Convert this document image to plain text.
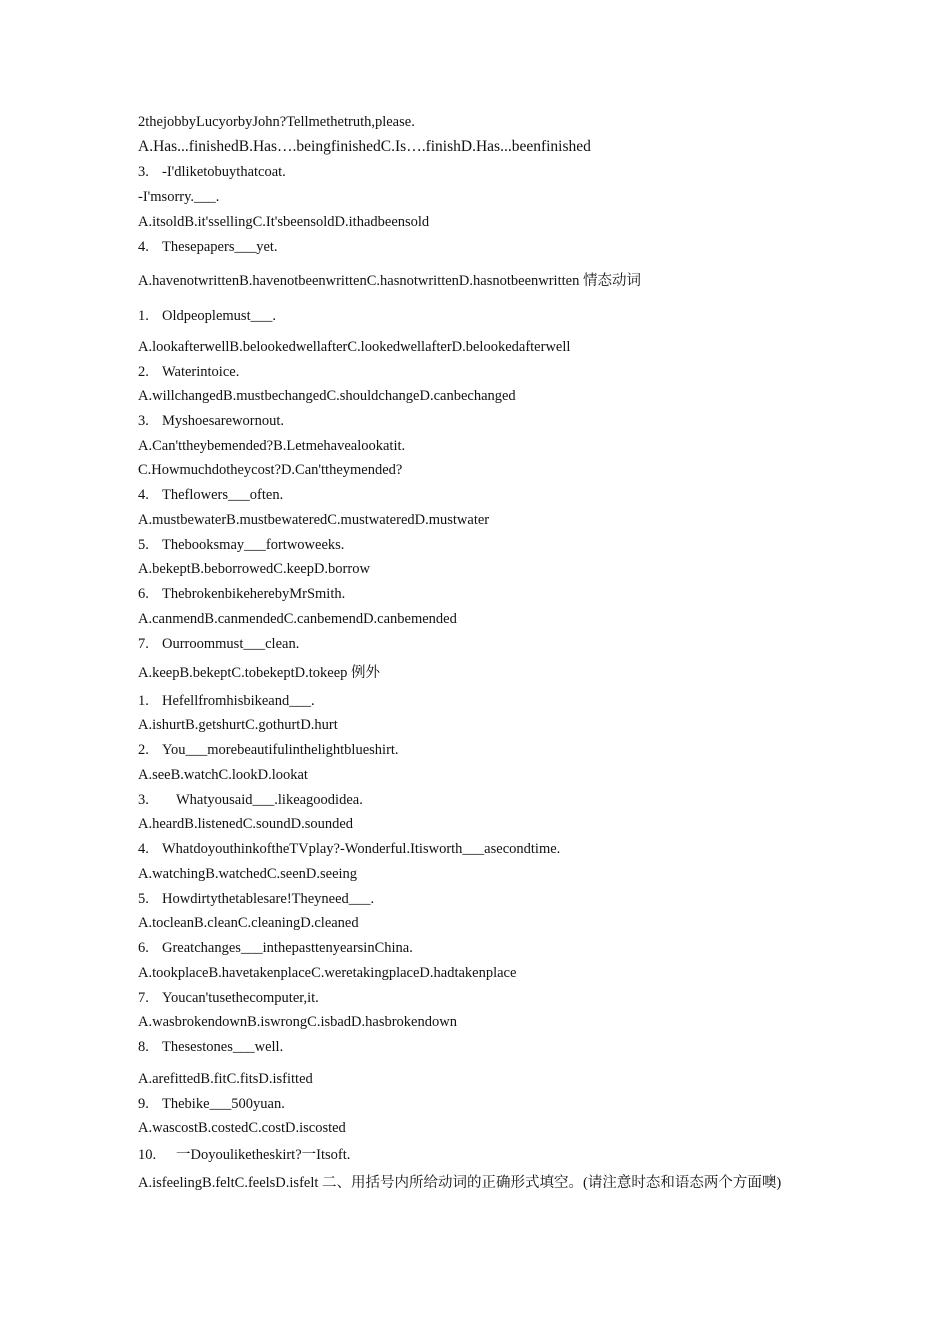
2thejobbyLucyorbyJohn?Tellmethetruth,please.

A.Has...finishedB.Has….beingfinishedC.Is….finishD.Has...beenfinished

3. -I'dliketobuythatcoat.

-I'msorry.___.

A.itsoldB.it'ssellingC.It'sbeensoldD.ithadbeensold

4. Thesepapers___yet.

A.havenotwrittenB.havenotbeenwrittenC.hasnotwrittenD.hasnotbeenwritten 情态动词

1. Oldpeoplemust___.

A.lookafterwellB.belookedwellafterC.lookedwellafterD.belookedafterwell

2. Waterintoice.

A.willchangedB.mustbechangedC.shouldchangeD.canbechanged

3. Myshoesarewornout.

A.Can'ttheybemended?B.Letmehavealookatit.

C.Howmuchdotheycost?D.Can'ttheymended?

4. Theflowers___often.

A.mustbewaterB.mustbewateredC.mustwateredD.mustwater

5. Thebooksmay___fortwoweeks.

A.bekeptB.beborrowedC.keepD.borrow

6. ThebrokenbikeherebyMrSmith.

A.canmendB.canmendedC.canbemendD.canbemended

7. Ourroommust___clean.

A.keepB.bekeptC.tobekeptD.tokeep 例外

1. Hefellfromhisbikeand___.

A.ishurtB.getshurtC.gothurtD.hurt

2. You___morebeautifulinthelightblueshirt.

A.seeB.watchC.lookD.lookat

3. Whatyousaid___.likeagoodidea.

A.heardB.listenedC.soundD.sounded

4. WhatdoyouthinkoftheTVplay?-Wonderful.Itisworth___asecondtime.

A.watchingB.watchedC.seenD.seeing

5. Howdirtythetablesare!Theyneed___.

A.tocleanB.cleanC.cleaningD.cleaned

6. Greatchanges___inthepasttenyearsinChina.

A.tookplaceB.havetakenplaceC.weretakingplaceD.hadtakenplace

7. Youcan'tusethecomputer,it.

A.wasbrokendownB.iswrongC.isbadD.hasbrokendown

8. Thesestones___well.

A.arefittedB.fitC.fitsD.isfitted

9. Thebike___500yuan.

A.wascostB.costedC.costD.iscosted

10. 一Doyouliketheskirt?一Itsoft.

A.isfeelingB.feltC.feelsD.isfelt 二、用括号内所给动词的正确形式填空。(请注意时态和语态两个方面噢)
